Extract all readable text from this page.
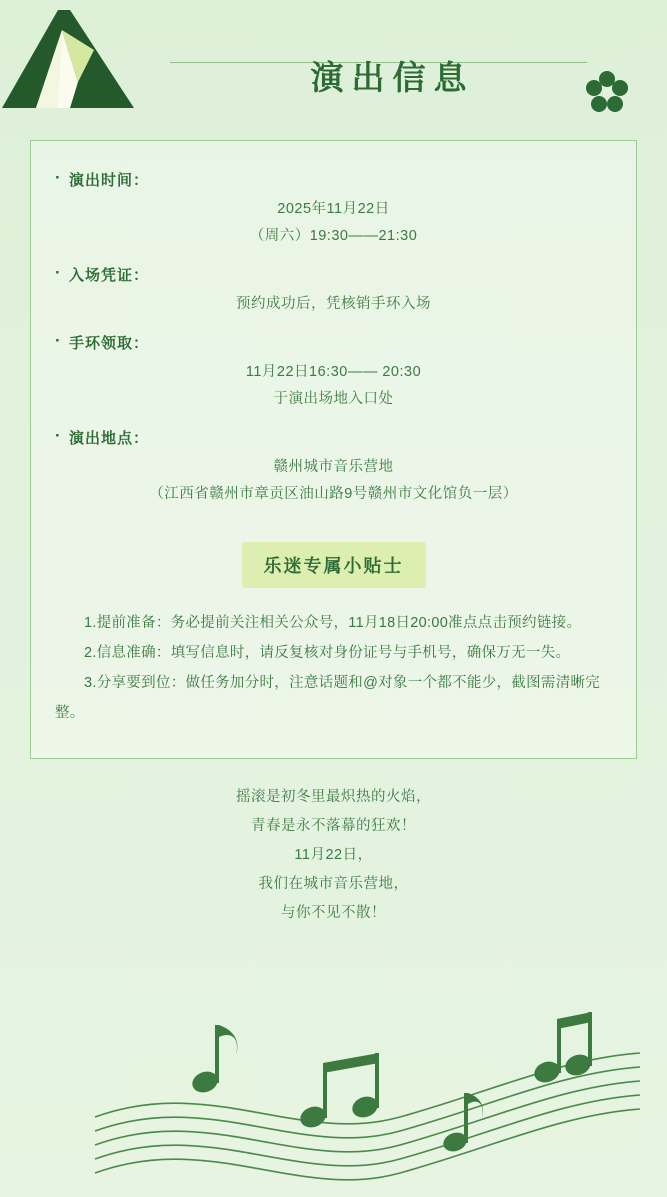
演出信息
· 演出时间：
2025年11月22日
（周六）19:30——21:30
· 入场凭证：
预约成功后，凭核销手环入场
· 手环领取：
11月22日16:30—— 20:30
于演出场地入口处
· 演出地点：
赣州城市音乐营地
（江西省赣州市章贡区油山路9号赣州市文化馆负一层）
乐迷专属小贴士
1.提前准备：务必提前关注相关公众号，11月18日20:00准点点击预约链接。
2.信息准确：填写信息时，请反复核对身份证号与手机号，确保万无一失。
3.分享要到位：做任务加分时，注意话题和@对象一个都不能少，截图需清晰完整。
摇滚是初冬里最炽热的火焰，
青春是永不落幕的狂欢！
11月22日，
我们在城市音乐营地，
与你不见不散！
